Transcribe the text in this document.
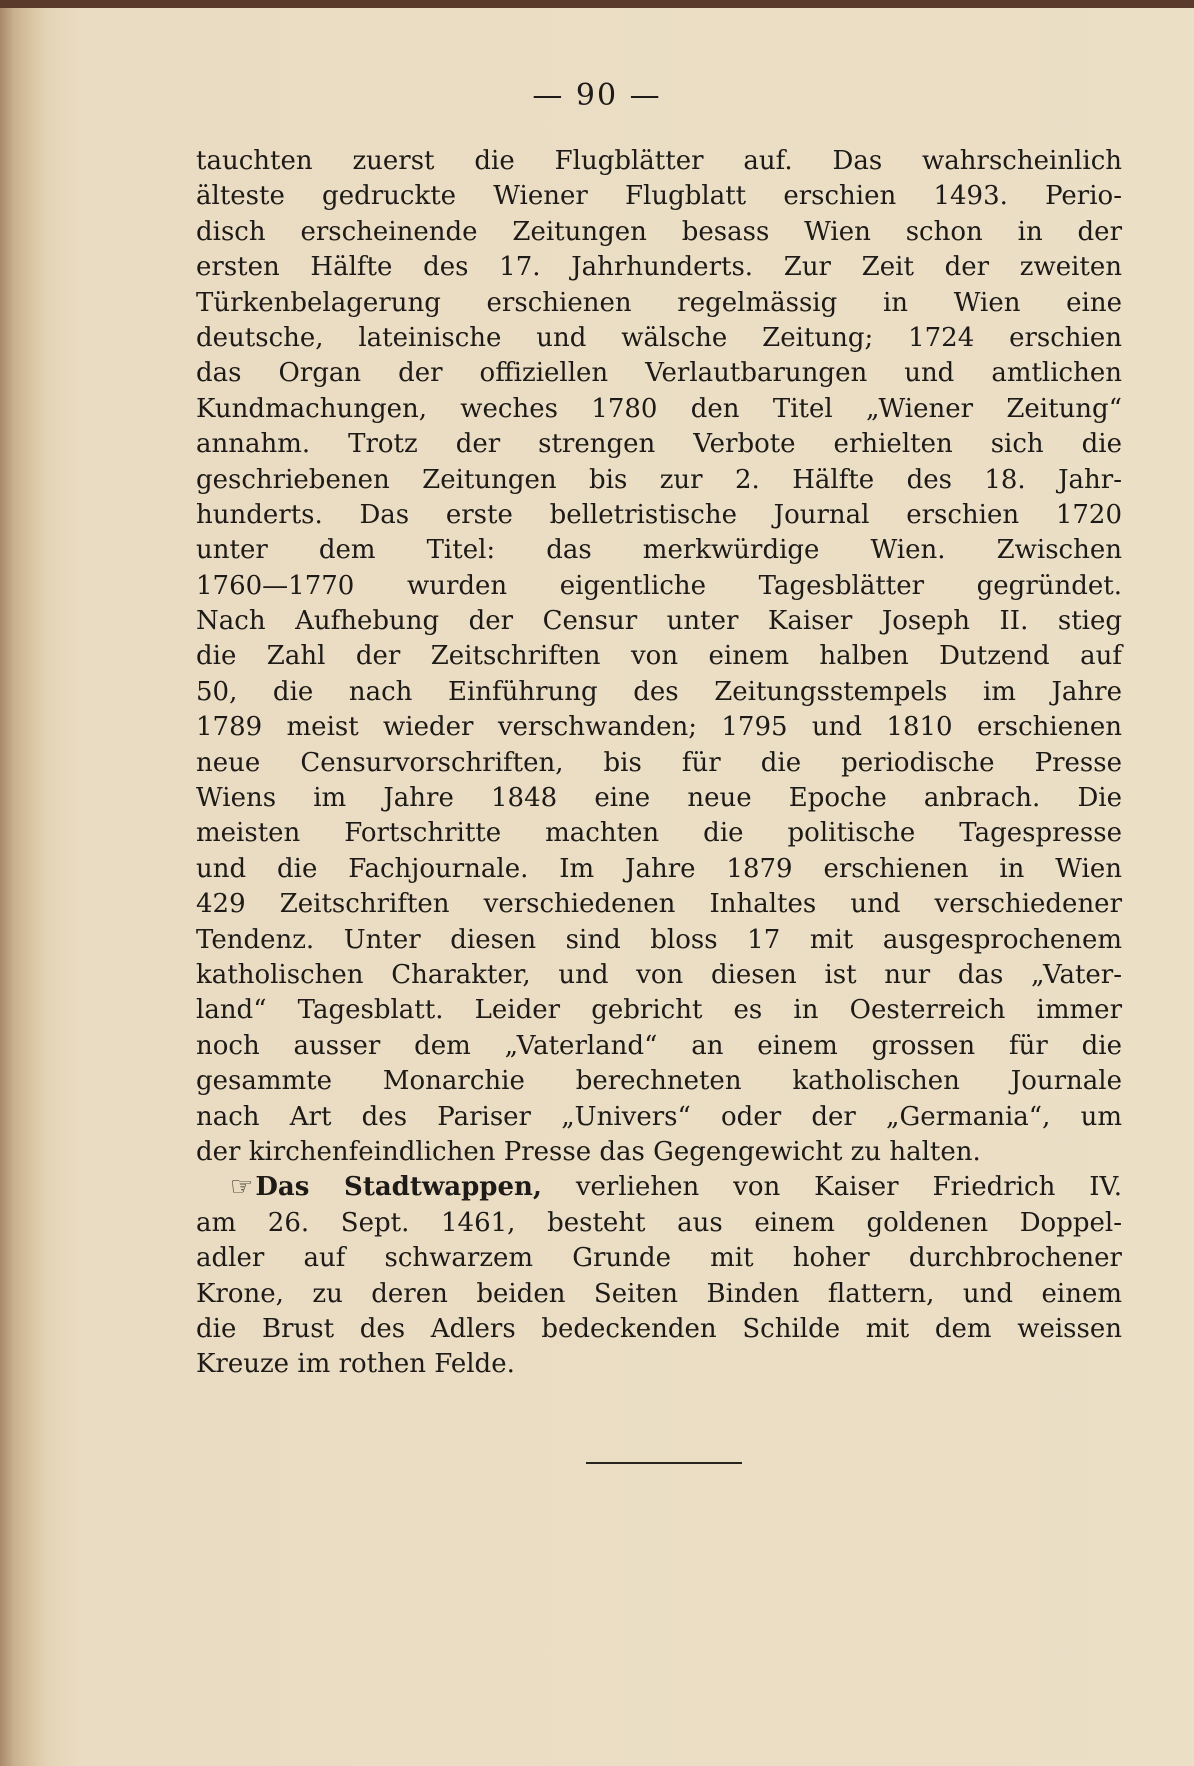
— 90 —
tauchten zuerst die Flugblätter auf. Das wahrscheinlich
älteste gedruckte Wiener Flugblatt erschien 1493. Perio-
disch erscheinende Zeitungen besass Wien schon in der
ersten Hälfte des 17. Jahrhunderts. Zur Zeit der zweiten
Türkenbelagerung erschienen regelmässig in Wien eine
deutsche, lateinische und wälsche Zeitung; 1724 erschien
das Organ der offiziellen Verlautbarungen und amtlichen
Kundmachungen, weches 1780 den Titel „Wiener Zeitung“
annahm. Trotz der strengen Verbote erhielten sich die
geschriebenen Zeitungen bis zur 2. Hälfte des 18. Jahr-
hunderts. Das erste belletristische Journal erschien 1720
unter dem Titel: das merkwürdige Wien. Zwischen
1760—1770 wurden eigentliche Tagesblätter gegründet.
Nach Aufhebung der Censur unter Kaiser Joseph II. stieg
die Zahl der Zeitschriften von einem halben Dutzend auf
50, die nach Einführung des Zeitungsstempels im Jahre
1789 meist wieder verschwanden; 1795 und 1810 erschienen
neue Censurvorschriften, bis für die periodische Presse
Wiens im Jahre 1848 eine neue Epoche anbrach. Die
meisten Fortschritte machten die politische Tagespresse
und die Fachjournale. Im Jahre 1879 erschienen in Wien
429 Zeitschriften verschiedenen Inhaltes und verschiedener
Tendenz. Unter diesen sind bloss 17 mit ausgesprochenem
katholischen Charakter, und von diesen ist nur das „Vater-
land“ Tagesblatt. Leider gebricht es in Oesterreich immer
noch ausser dem „Vaterland“ an einem grossen für die
gesammte Monarchie berechneten katholischen Journale
nach Art des Pariser „Univers“ oder der „Germania“, um
der kirchenfeindlichen Presse das Gegengewicht zu halten.
☞Das Stadtwappen, verliehen von Kaiser Friedrich IV.
am 26. Sept. 1461, besteht aus einem goldenen Doppel-
adler auf schwarzem Grunde mit hoher durchbrochener
Krone, zu deren beiden Seiten Binden flattern, und einem
die Brust des Adlers bedeckenden Schilde mit dem weissen
Kreuze im rothen Felde.
